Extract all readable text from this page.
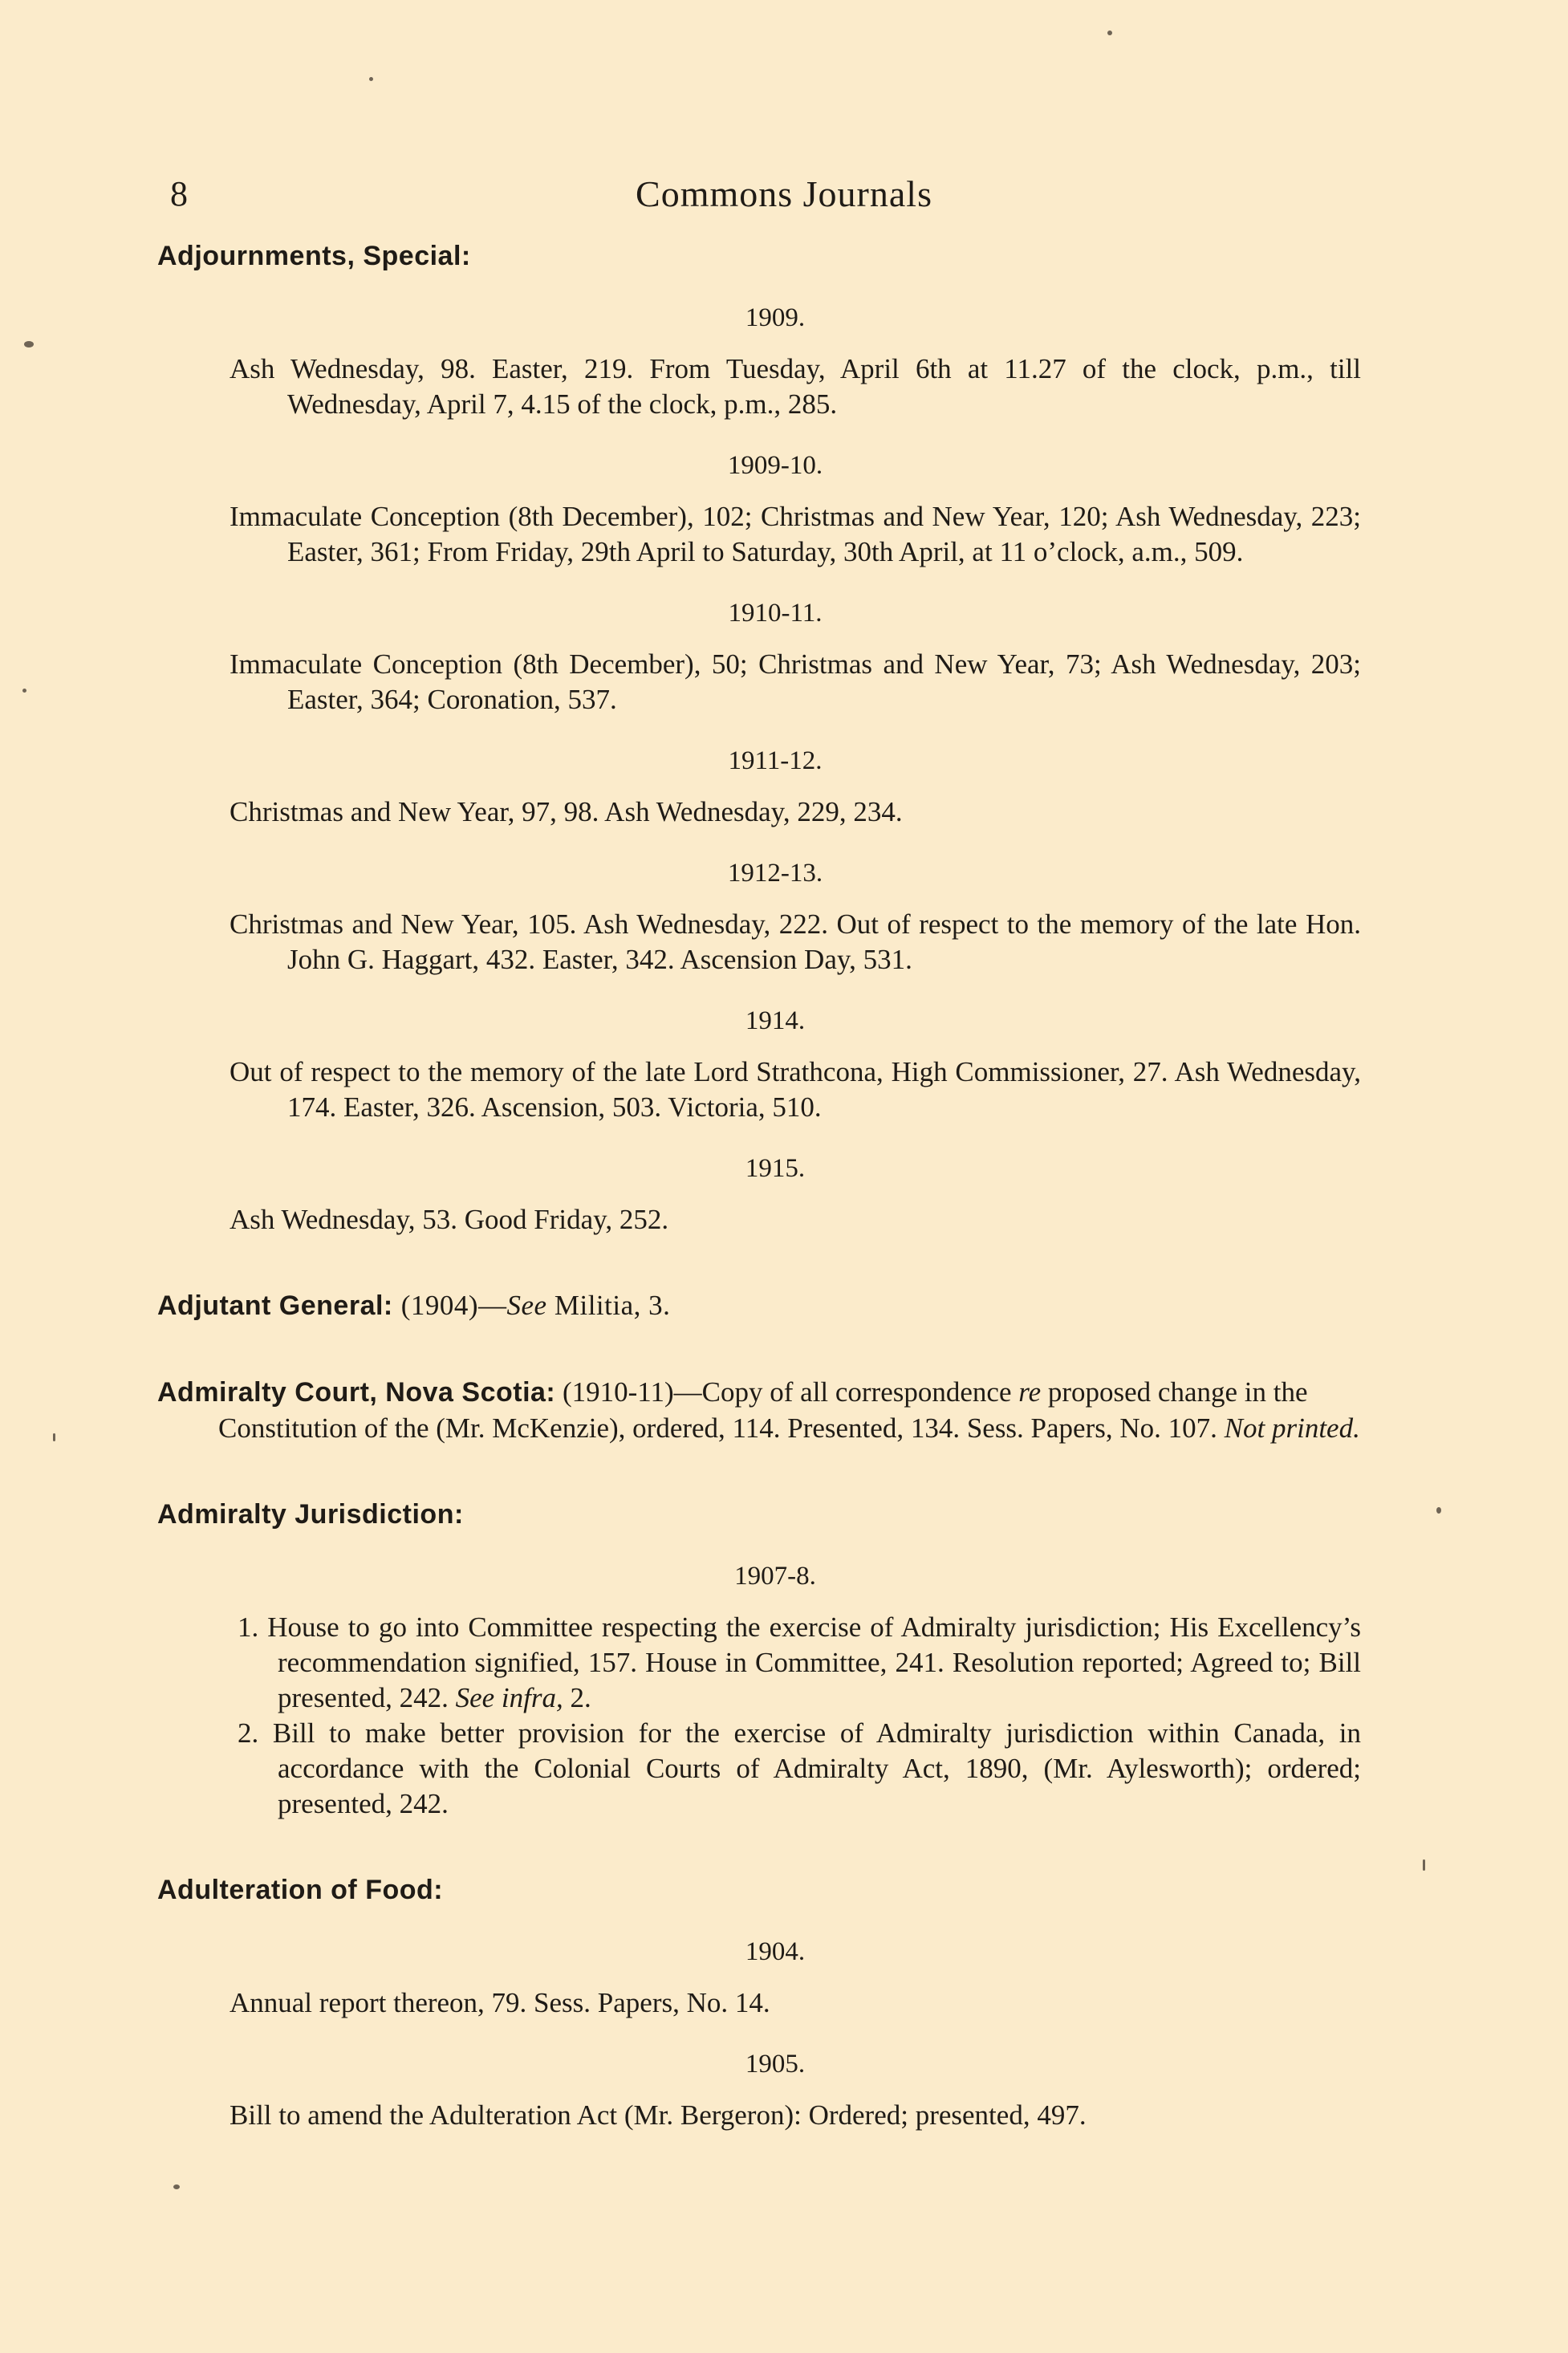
8	Commons Journals
Adjournments, Special:
1909.
Ash Wednesday, 98. Easter, 219. From Tuesday, April 6th at 11.27 of the clock, p.m., till Wednesday, April 7, 4.15 of the clock, p.m., 285.
1909-10.
Immaculate Conception (8th December), 102; Christmas and New Year, 120; Ash Wednesday, 223; Easter, 361; From Friday, 29th April to Saturday, 30th April, at 11 o’clock, a.m., 509.
1910-11.
Immaculate Conception (8th December), 50; Christmas and New Year, 73; Ash Wednesday, 203; Easter, 364; Coronation, 537.
1911-12.
Christmas and New Year, 97, 98. Ash Wednesday, 229, 234.
1912-13.
Christmas and New Year, 105. Ash Wednesday, 222. Out of respect to the memory of the late Hon. John G. Haggart, 432. Easter, 342. Ascension Day, 531.
1914.
Out of respect to the memory of the late Lord Strathcona, High Commissioner, 27. Ash Wednesday, 174. Easter, 326. Ascension, 503. Victoria, 510.
1915.
Ash Wednesday, 53. Good Friday, 252.
Adjutant General: (1904)—See Militia, 3.
Admiralty Court, Nova Scotia: (1910-11)—Copy of all correspondence re proposed change in the Constitution of the (Mr. McKenzie), ordered, 114. Presented, 134. Sess. Papers, No. 107. Not printed.
Admiralty Jurisdiction:
1907-8.
1. House to go into Committee respecting the exercise of Admiralty jurisdiction; His Excellency’s recommendation signified, 157. House in Committee, 241. Resolution reported; Agreed to; Bill presented, 242. See infra, 2.
2. Bill to make better provision for the exercise of Admiralty jurisdiction within Canada, in accordance with the Colonial Courts of Admiralty Act, 1890, (Mr. Aylesworth); ordered; presented, 242.
Adulteration of Food:
1904.
Annual report thereon, 79. Sess. Papers, No. 14.
1905.
Bill to amend the Adulteration Act (Mr. Bergeron): Ordered; presented, 497.
